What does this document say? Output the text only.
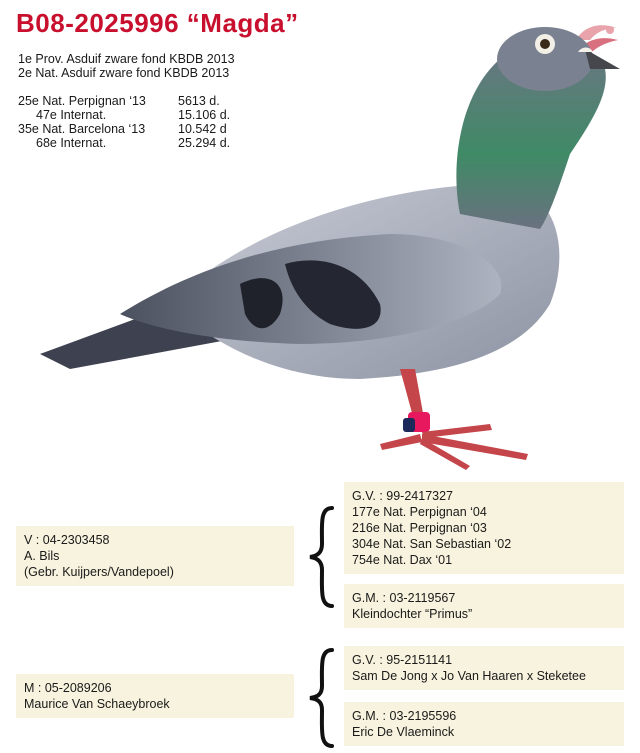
B08-2025996 “Magda”
1e Prov. Asduif zware fond KBDB 2013
2e Nat. Asduif zware fond KBDB 2013
25e Nat. Perpignan ‘13	5613 d.
47e Internat.	15.106 d.
35e Nat. Barcelona ‘13	10.542 d
68e Internat.	25.294 d.
V : 04-2303458
A. Bils
(Gebr. Kuijpers/Vandepoel)
G.V. : 99-2417327
177e Nat. Perpignan ‘04
216e Nat. Perpignan ‘03
304e Nat. San Sebastian ‘02
754e Nat. Dax ‘01
G.M. : 03-2119567
Kleindochter “Primus”
M : 05-2089206
Maurice Van Schaeybroek
G.V. : 95-2151141
Sam De Jong x Jo Van Haaren x Steketee
G.M. : 03-2195596
Eric De Vlaeminck
